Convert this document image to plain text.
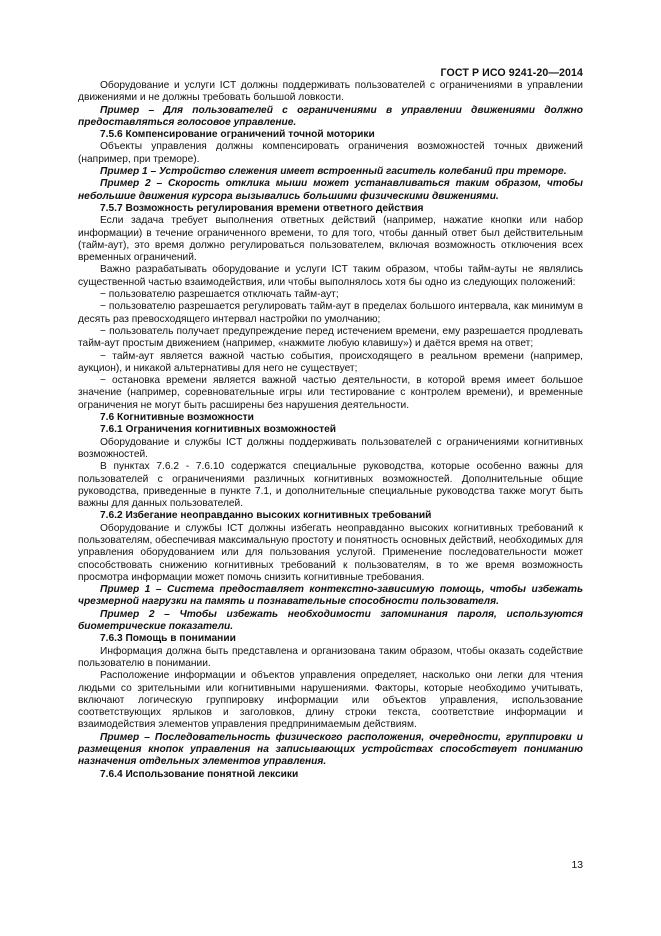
ГОСТ Р ИСО 9241-20—2014

Оборудование и услуги ICT должны поддерживать пользователей с ограничениями в управлении движениями и не должны требовать большой ловкости.

Пример – Для пользователей с ограничениями в управлении движениями должно предоставляться голосовое управление.

7.5.6 Компенсирование ограничений точной моторики

Объекты управления должны компенсировать ограничения возможностей точных движений (например, при треморе).

Пример 1 – Устройство слежения имеет встроенный гаситель колебаний при треморе.

Пример 2 – Скорость отклика мыши может устанавливаться таким образом, чтобы небольшие движения курсора вызывались большими физическими движениями.

7.5.7 Возможность регулирования времени ответного действия

Если задача требует выполнения ответных действий (например, нажатие кнопки или набор информации) в течение ограниченного времени, то для того, чтобы данный ответ был действительным (тайм-аут), это время должно регулироваться пользователем, включая возможность отключения всех временных ограничений.

Важно разрабатывать оборудование и услуги ICT таким образом, чтобы тайм-ауты не являлись существенной частью взаимодействия, или чтобы выполнялось хотя бы одно из следующих положений:

− пользователю разрешается отключать тайм-аут;

− пользователю разрешается регулировать тайм-аут в пределах большого интервала, как минимум в десять раз превосходящего интервал настройки по умолчанию;

− пользователь получает предупреждение перед истечением времени, ему разрешается продлевать тайм-аут простым движением (например, «нажмите любую клавишу») и даётся время на ответ;

− тайм-аут является важной частью события, происходящего в реальном времени (например, аукцион), и никакой альтернативы для него не существует;

− остановка времени является важной частью деятельности, в которой время имеет большое значение (например, соревновательные игры или тестирование с контролем времени), и временные ограничения не могут быть расширены без нарушения деятельности.

7.6 Когнитивные возможности

7.6.1 Ограничения когнитивных возможностей

Оборудование и службы ICT должны поддерживать пользователей с ограничениями когнитивных возможностей.

В пунктах 7.6.2 - 7.6.10 содержатся специальные руководства, которые особенно важны для пользователей с ограничениями различных когнитивных возможностей. Дополнительные общие руководства, приведенные в пункте 7.1, и дополнительные специальные руководства также могут быть важны для данных пользователей.

7.6.2 Избегание неоправданно высоких когнитивных требований

Оборудование и службы ICT должны избегать неоправданно высоких когнитивных требований к пользователям, обеспечивая максимальную простоту и понятность основных действий, необходимых для управления оборудованием или для пользования услугой. Применение последовательности может способствовать снижению когнитивных требований к пользователям, в то же время возможность просмотра информации может помочь снизить когнитивные требования.

Пример 1 – Система предоставляет контекстно-зависимую помощь, чтобы избежать чрезмерной нагрузки на память и познавательные способности пользователя.

Пример 2 – Чтобы избежать необходимости запоминания пароля, используются биометрические показатели.

7.6.3 Помощь в понимании

Информация должна быть представлена и организована таким образом, чтобы оказать содействие пользователю в понимании.

Расположение информации и объектов управления определяет, насколько они легки для чтения людьми со зрительными или когнитивными нарушениями. Факторы, которые необходимо учитывать, включают логическую группировку информации или объектов управления, использование соответствующих ярлыков и заголовков, длину строки текста, соответствие информации и взаимодействия элементов управления предпринимаемым действиям.

Пример – Последовательность физического расположения, очередности, группировки и размещения кнопок управления на записывающих устройствах способствует пониманию назначения отдельных элементов управления.

7.6.4 Использование понятной лексики

13
